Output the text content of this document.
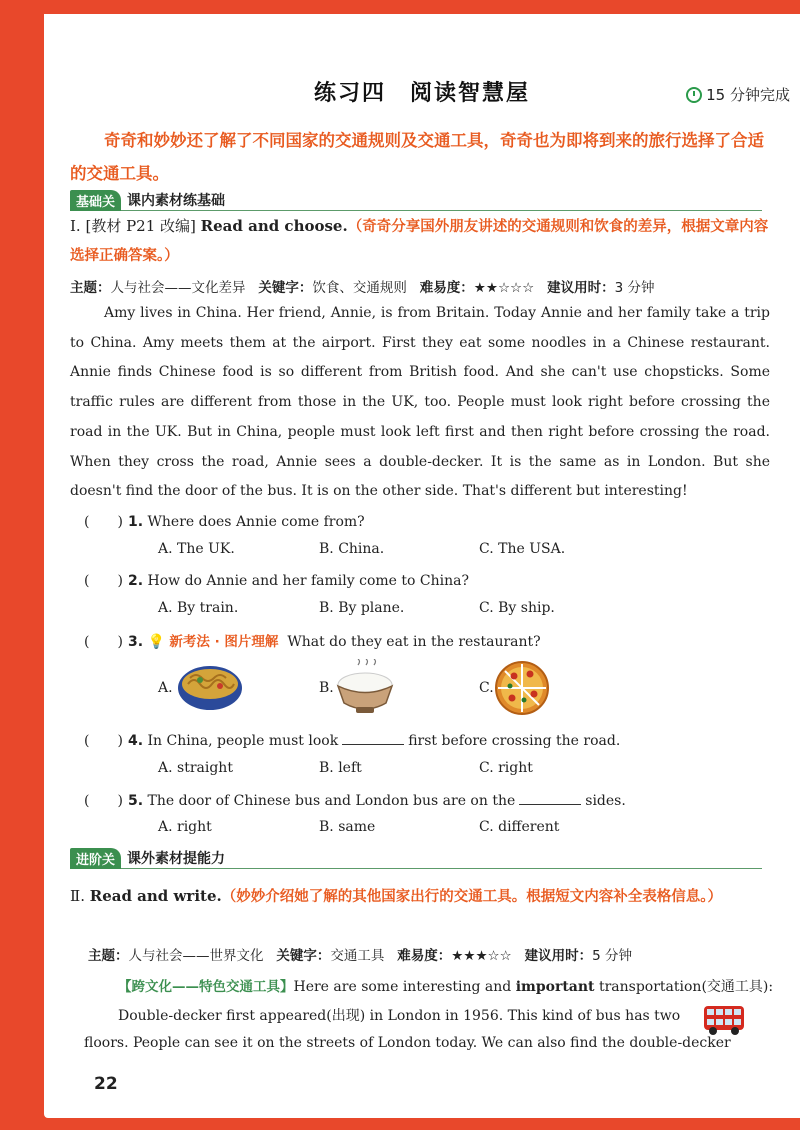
练习四　阅读智慧屋	15 分钟完成
奇奇和妙妙还了解了不同国家的交通规则及交通工具，奇奇也为即将到来的旅行选择了合适的交通工具。
基础关 课内素材练基础
Ⅰ. [教材 P21 改编] Read and choose.（奇奇分享国外朋友讲述的交通规则和饮食的差异，根据文章内容选择正确答案。）
主题：人与社会——文化差异 关键字：饮食、交通规则 难易度：★★☆☆☆ 建议用时：3 分钟
Amy lives in China. Her friend, Annie, is from Britain. Today Annie and her family take a trip to China. Amy meets them at the airport. First they eat some noodles in a Chinese restaurant. Annie finds Chinese food is so different from British food. And she can't use chopsticks. Some traffic rules are different from those in the UK, too. People must look right before crossing the road in the UK. But in China, people must look left first and then right before crossing the road. When they cross the road, Annie sees a double-decker. It is the same as in London. But she doesn't find the door of the bus. It is on the other side. That's different but interesting!
(　　) 1. Where does Annie come from?
A. The UK.	B. China.	C. The USA.
(　　) 2. How do Annie and her family come to China?
A. By train.	B. By plane.	C. By ship.
(　　) 3. 💡 新考法 · 图片理解 What do they eat in the restaurant?
A.	B.	C.
(　　) 4. In China, people must look	first before crossing the road.
A. straight	B. left	C. right
(　　) 5. The door of Chinese bus and London bus are on the	sides.
A. right	B. same	C. different
进阶关 课外素材提能力
Ⅱ. Read and write.（妙妙介绍她了解的其他国家出行的交通工具。根据短文内容补全表格信息。）
主题：人与社会——世界文化 关键字：交通工具 难易度：★★★☆☆ 建议用时：5 分钟
【跨文化——特色交通工具】Here are some interesting and important transportation(交通工具):
Double-decker first appeared(出现) in London in 1956. This kind of bus has two
floors. People can see it on the streets of London today. We can also find the double-decker
22
